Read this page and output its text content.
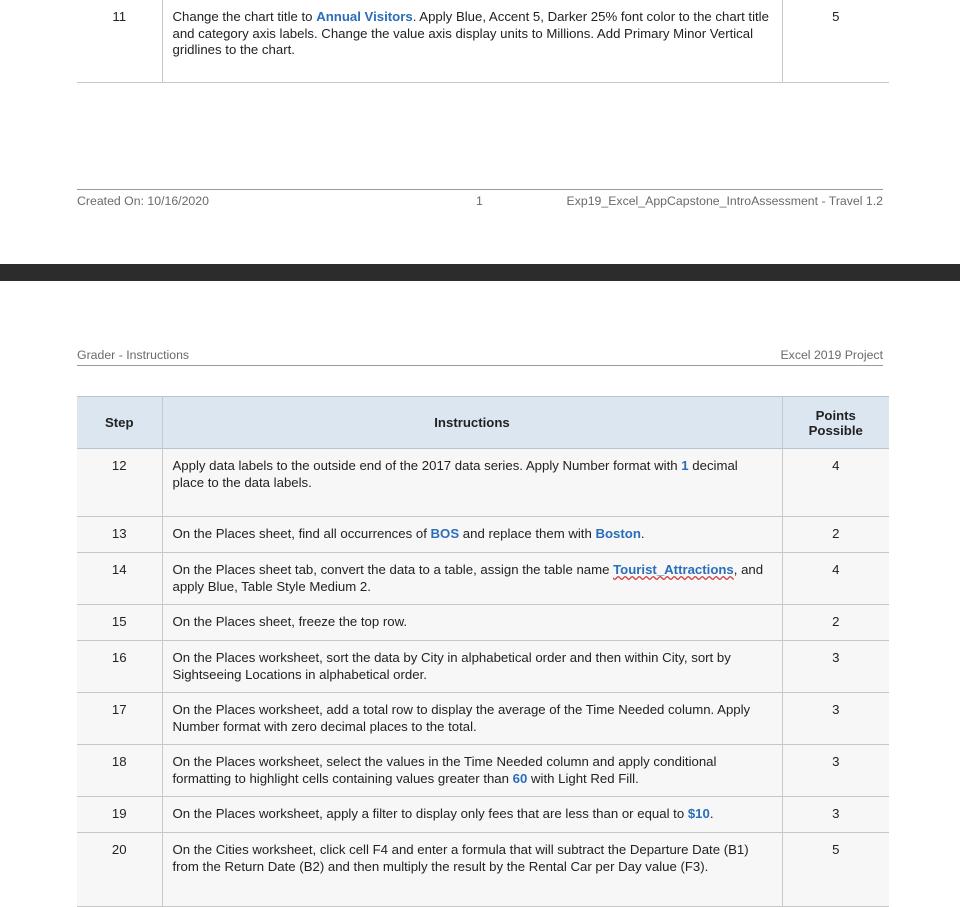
11	Change the chart title to Annual Visitors. Apply Blue, Accent 5, Darker 25% font color to the chart title and category axis labels. Change the value axis display units to Millions. Add Primary Minor Vertical gridlines to the chart.	5
Created On: 10/16/2020	1	Exp19_Excel_AppCapstone_IntroAssessment - Travel 1.2
Grader - Instructions	Excel 2019 Project
Step	Instructions	Points
Possible

12	Apply data labels to the outside end of the 2017 data series. Apply Number format with 1 decimal place to the data labels.	4
13	On the Places sheet, find all occurrences of BOS and replace them with Boston.	2
14	On the Places sheet tab, convert the data to a table, assign the table name Tourist_Attractions, and apply Blue, Table Style Medium 2.	4
15	On the Places sheet, freeze the top row.	2
16	On the Places worksheet, sort the data by City in alphabetical order and then within City, sort by Sightseeing Locations in alphabetical order.	3
17	On the Places worksheet, add a total row to display the average of the Time Needed column. Apply Number format with zero decimal places to the total.	3
18	On the Places worksheet, select the values in the Time Needed column and apply conditional formatting to highlight cells containing values greater than 60 with Light Red Fill.	3
19	On the Places worksheet, apply a filter to display only fees that are less than or equal to $10.	3
20	On the Cities worksheet, click cell F4 and enter a formula that will subtract the Departure Date (B1) from the Return Date (B2) and then multiply the result by the Rental Car per Day value (F3).	5
